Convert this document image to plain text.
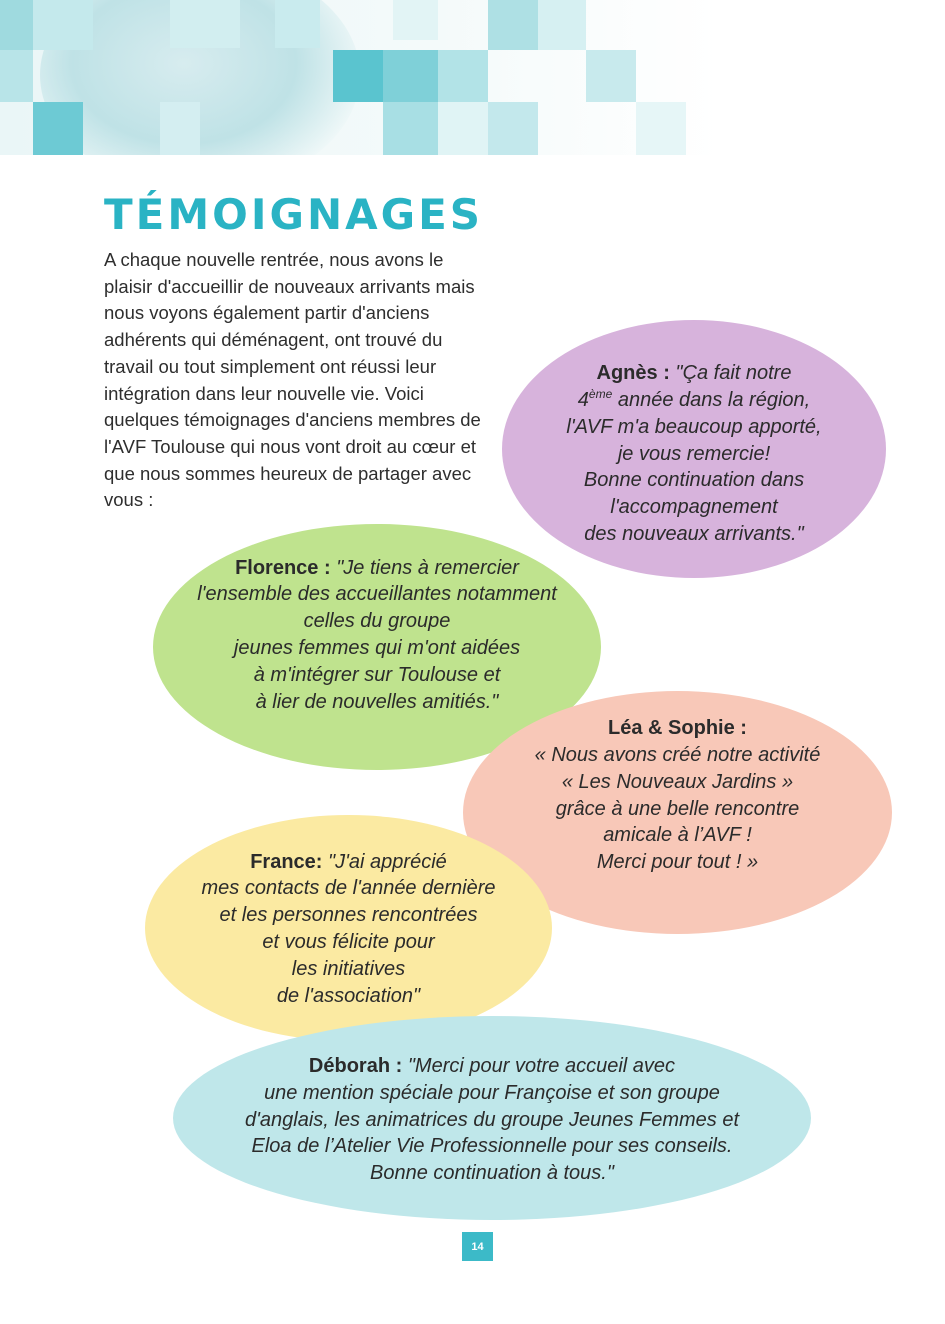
TÉMOIGNAGES

A chaque nouvelle rentrée, nous avons le plaisir d'accueillir de nouveaux arrivants mais nous voyons également partir d'anciens adhérents qui déménagent, ont trouvé du travail ou tout simplement ont réussi leur intégration dans leur nouvelle vie. Voici quelques témoignages d'anciens membres de l'AVF Toulouse qui nous vont droit au cœur et que nous sommes heureux de partager avec vous :

Agnès : "Ça fait notre
4ème année dans la région,
l'AVF m'a beaucoup apporté,
je vous remercie!
Bonne continuation dans
l'accompagnement
des nouveaux arrivants."
Florence : "Je tiens à remercier
l'ensemble des accueillantes notamment
celles du groupe
jeunes femmes qui m'ont aidées
à m'intégrer sur Toulouse et
à lier de nouvelles amitiés."
Léa & Sophie :
« Nous avons créé notre activité
« Les Nouveaux Jardins »
grâce à une belle rencontre
amicale à l’AVF !
Merci pour tout ! »
France: "J'ai apprécié
mes contacts de l'année dernière
et les personnes rencontrées
et vous félicite pour
les initiatives
de l'association"
Déborah : "Merci pour votre accueil avec
une mention spéciale pour Françoise et son groupe
d'anglais, les animatrices du groupe Jeunes Femmes et
Eloa de l’Atelier Vie Professionnelle pour ses conseils.
Bonne continuation à tous."
14
